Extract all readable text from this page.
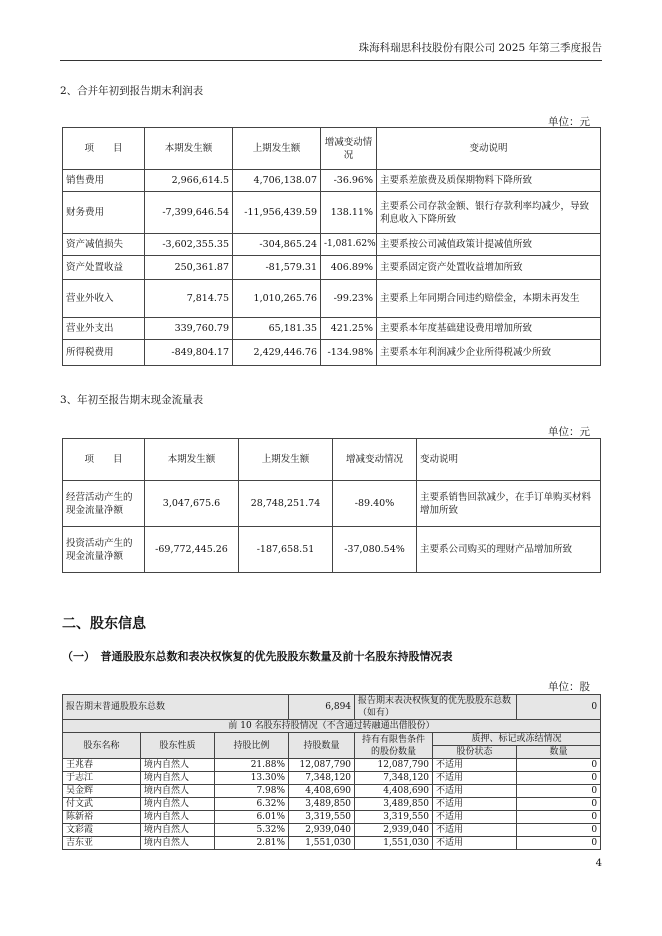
珠海科瑞思科技股份有限公司 2025 年第三季度报告
2、合并年初到报告期末利润表
单位：元
项　　目	本期发生额	上期发生额	增减变动情况	变动说明
销售费用	2,966,614.5	4,706,138.07	-36.96%	主要系差旅费及质保期物料下降所致
财务费用	-7,399,646.54	-11,956,439.59	138.11%	主要系公司存款金额、银行存款利率均减少，导致利息收入下降所致
资产减值损失	-3,602,355.35	-304,865.24	-1,081.62%	主要系按公司减值政策计提减值所致
资产处置收益	250,361.87	-81,579.31	406.89%	主要系固定资产处置收益增加所致
营业外收入	7,814.75	1,010,265.76	-99.23%	主要系上年同期合同违约赔偿金，本期未再发生
营业外支出	339,760.79	65,181.35	421.25%	主要系本年度基础建设费用增加所致
所得税费用	-849,804.17	2,429,446.76	-134.98%	主要系本年利润减少企业所得税减少所致
3、年初至报告期末现金流量表
单位：元
项　　目	本期发生额	上期发生额	增减变动情况	变动说明
经营活动产生的现金流量净额	3,047,675.6	28,748,251.74	-89.40%	主要系销售回款减少，在手订单购买材料增加所致
投资活动产生的现金流量净额	-69,772,445.26	-187,658.51	-37,080.54%	主要系公司购买的理财产品增加所致
二、股东信息
（一）　普通股股东总数和表决权恢复的优先股股东数量及前十名股东持股情况表
单位：股
报告期末普通股股东总数			6,894	报告期末表决权恢复的优先股股东总数（如有）		0
前 10 名股东持股情况（不含通过转融通出借股份）						
股东名称	股东性质	持股比例	持股数量	持有有限售条件的股份数量	质押、标记或冻结情况	
					股份状态	数量
王兆春	境内自然人	21.88%	12,087,790	12,087,790	不适用	0
于志江	境内自然人	13.30%	7,348,120	7,348,120	不适用	0
吴金辉	境内自然人	7.98%	4,408,690	4,408,690	不适用	0
付文武	境内自然人	6.32%	3,489,850	3,489,850	不适用	0
陈新裕	境内自然人	6.01%	3,319,550	3,319,550	不适用	0
文彩霞	境内自然人	5.32%	2,939,040	2,939,040	不适用	0
吉东亚	境内自然人	2.81%	1,551,030	1,551,030	不适用	0
4
